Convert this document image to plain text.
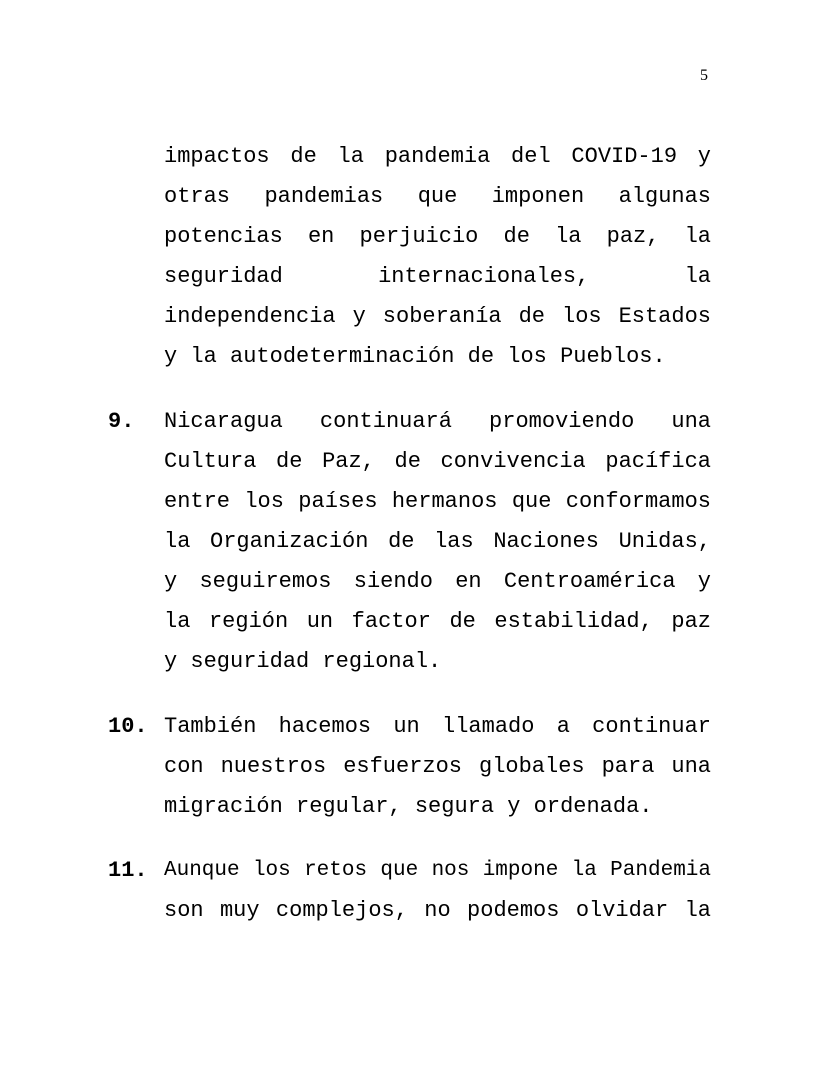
5
impactos de la pandemia del COVID-19 y
otras pandemias que imponen algunas
potencias en perjuicio de la paz, la
seguridad internacionales, la
independencia y soberanía de los Estados
y la autodeterminación de los Pueblos.
9. Nicaragua continuará promoviendo una
Cultura de Paz, de convivencia pacífica
entre los países hermanos que conformamos
la Organización de las Naciones Unidas,
y seguiremos siendo en Centroamérica y
la región un factor de estabilidad, paz
y seguridad regional.
10. También hacemos un llamado a continuar
con nuestros esfuerzos globales para una
migración regular, segura y ordenada.
11. Aunque los retos que nos impone la Pandemia
son muy complejos, no podemos olvidar la
